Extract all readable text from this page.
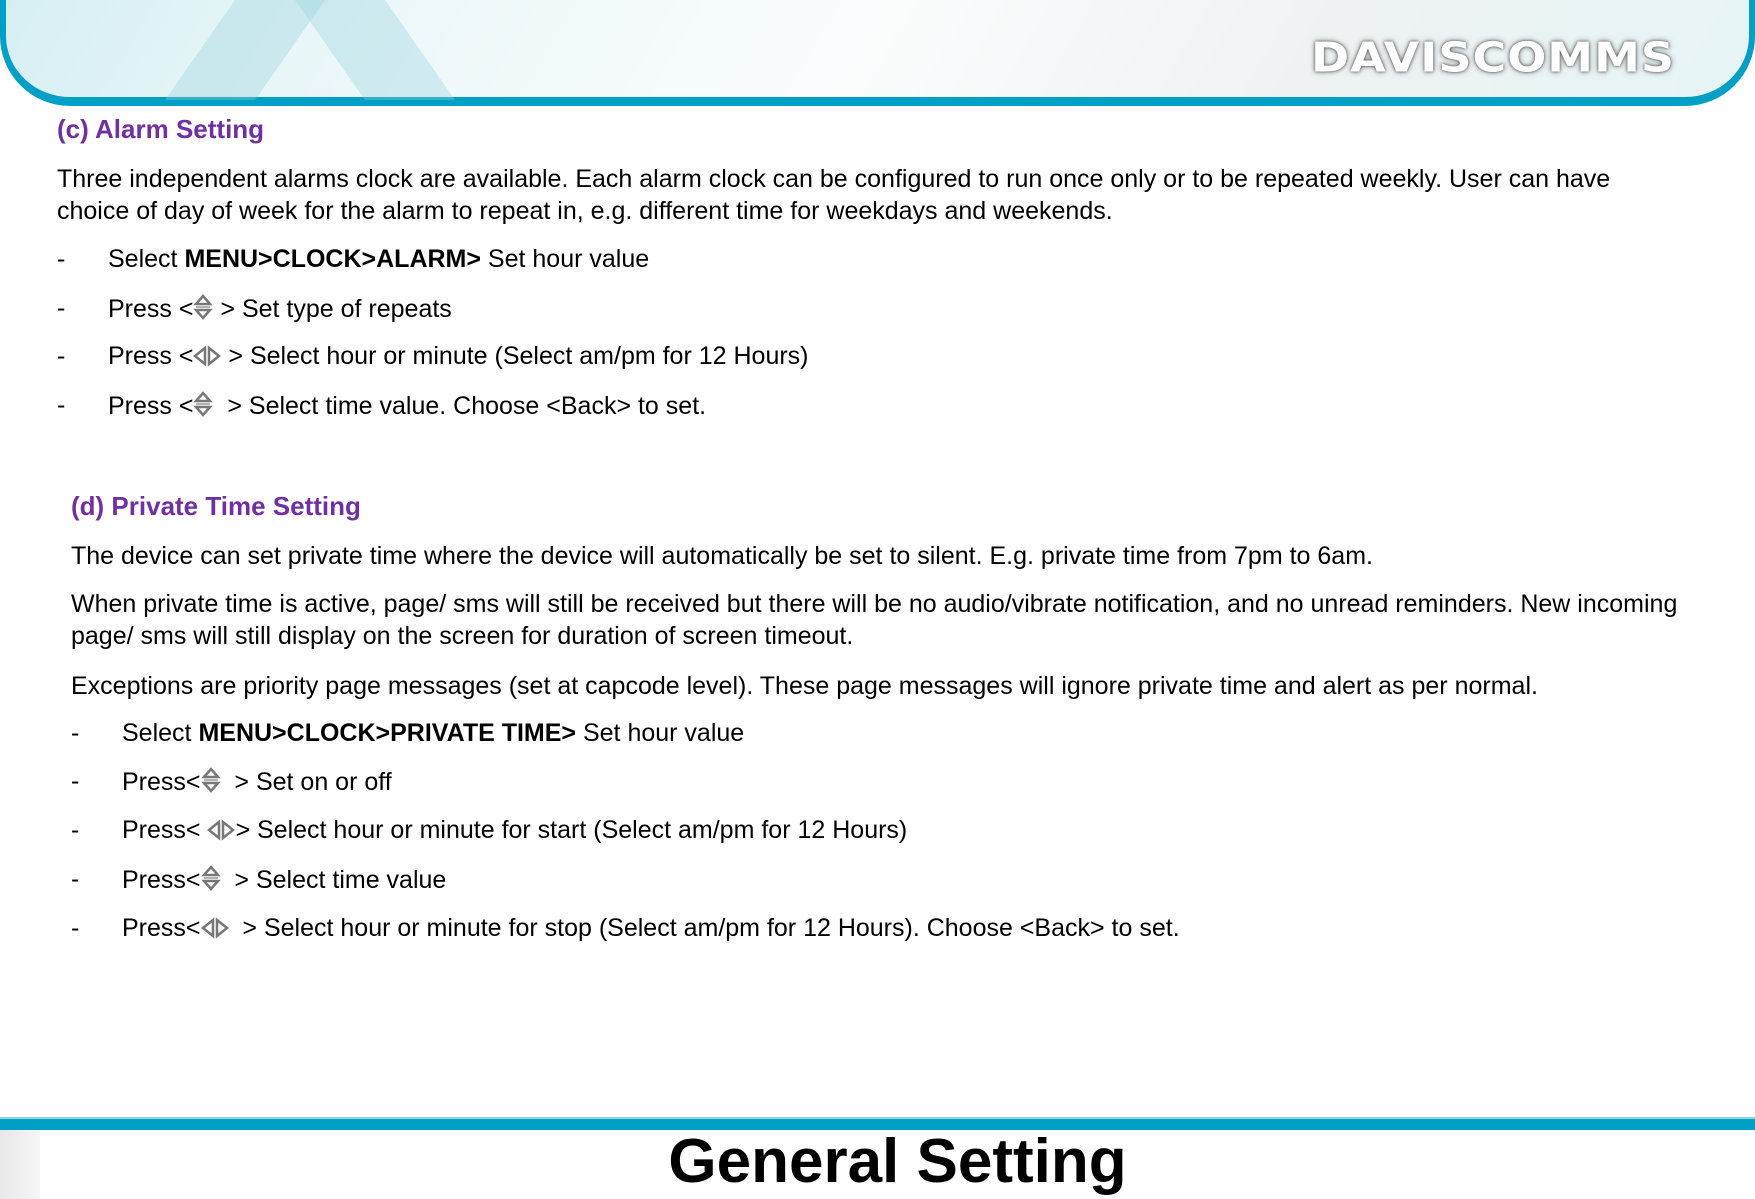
DAVISCOMMS
(c) Alarm Setting
Three independent alarms clock are available. Each alarm clock can be configured to run once only or to be repeated weekly. User can have choice of day of week for the alarm to repeat in, e.g. different time for weekdays and weekends.
- Select MENU>CLOCK>ALARM> Set hour value
- Press < > Set type of repeats
- Press < > Select hour or minute (Select am/pm for 12 Hours)
- Press <  > Select time value. Choose <Back> to set.
(d) Private Time Setting
The device can set private time where the device will automatically be set to silent. E.g. private time from 7pm to 6am.
When private time is active, page/ sms will still be received but there will be no audio/vibrate notification, and no unread reminders. New incoming page/ sms will still display on the screen for duration of screen timeout.
Exceptions are priority page messages (set at capcode level). These page messages will ignore private time and alert as per normal.
- Select MENU>CLOCK>PRIVATE TIME> Set hour value
- Press<  > Set on or off
- Press< > Select hour or minute for start (Select am/pm for 12 Hours)
- Press<  > Select time value
- Press<  > Select hour or minute for stop (Select am/pm for 12 Hours). Choose <Back> to set.
General Setting
